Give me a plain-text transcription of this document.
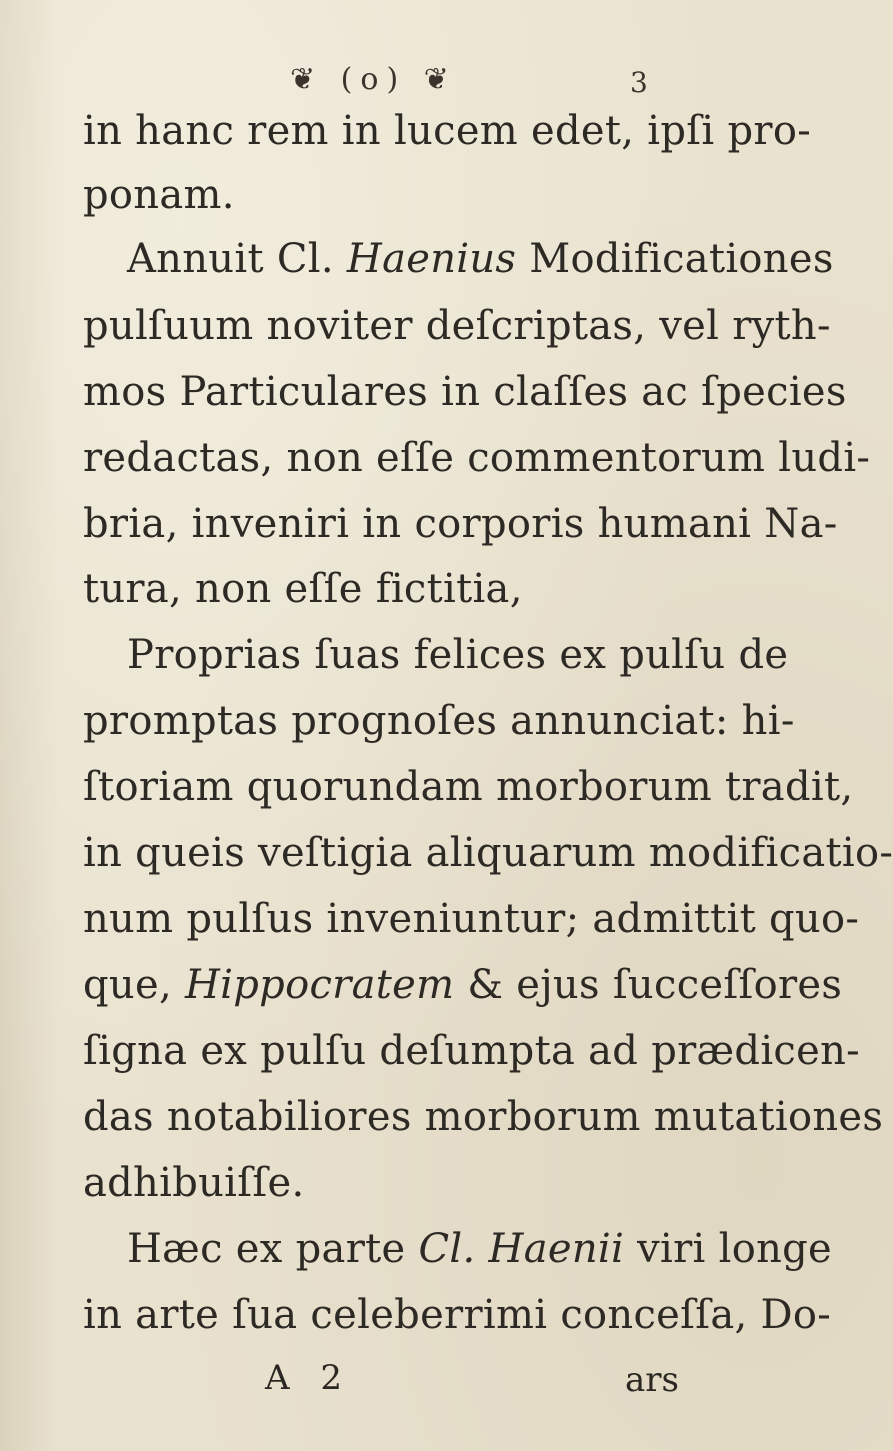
❦ (o) ❦	3
in hanc rem in lucem edet, ipſi pro-
ponam.
Annuit Cl. Haenius Modificationes
pulſuum noviter deſcriptas, vel ryth-
mos Particulares in claſſes ac ſpecies
redactas, non eſſe commentorum ludi-
bria, inveniri in corporis humani Na-
tura, non eſſe fictitia,
Proprias ſuas felices ex pulſu de
promptas prognoſes annunciat: hi-
ſtoriam quorundam morborum tradit,
in queis veſtigia aliquarum modificatio-
num pulſus inveniuntur; admittit quo-
que, Hippocratem & ejus ſucceſſores
ſigna ex pulſu deſumpta ad prædicen-
das notabiliores morborum mutationes
adhibuiſſe.
Hæc ex parte Cl. Haenii viri longe
in arte ſua celeberrimi conceſſa, Do-
A 2	ars
